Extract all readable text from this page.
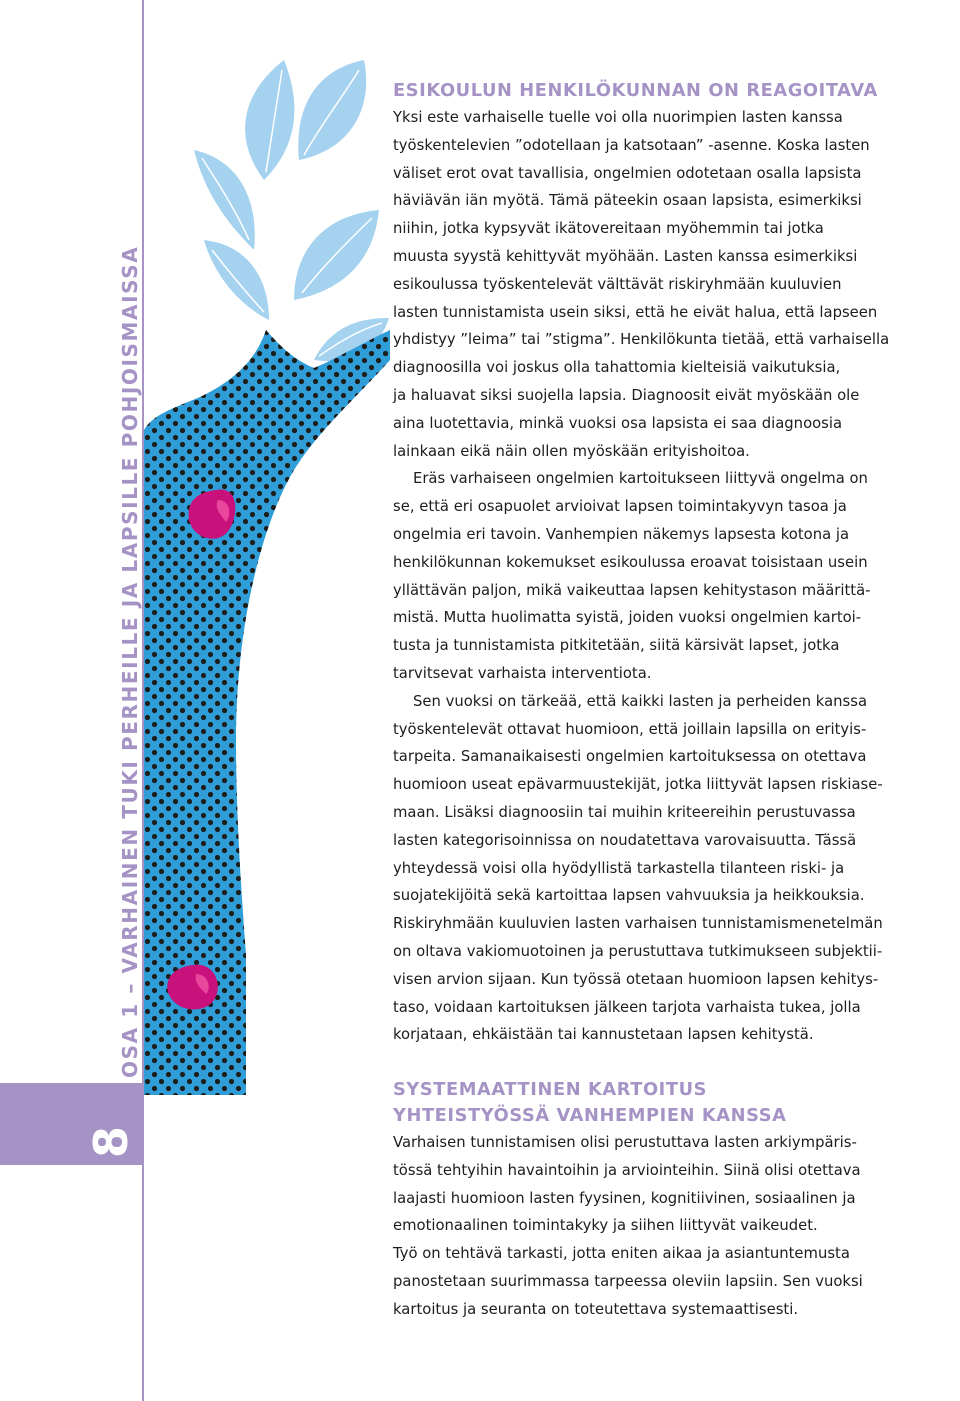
OSA 1 – VARHAINEN TUKI PERHEILLE JA LAPSILLE POHJOISMAISSA
8
ESIKOULUN HENKILÖKUNNAN ON REAGOITAVA

Yksi este varhaiselle tuelle voi olla nuorimpien lasten kanssa
työskentelevien ”odotellaan ja katsotaan” -asenne. Koska lasten
väliset erot ovat tavallisia, ongelmien odotetaan osalla lapsista
häviävän iän myötä. Tämä päteekin osaan lapsista, esimerkiksi
niihin, jotka kypsyvät ikätovereitaan myöhemmin tai jotka
muusta syystä kehittyvät myöhään. Lasten kanssa esimerkiksi
esikoulussa työskentelevät välttävät riskiryhmään kuuluvien
lasten tunnistamista usein siksi, että he eivät halua, että lapseen
yhdistyy ”leima” tai ”stigma”. Henkilökunta tietää, että varhaisella
diagnoosilla voi joskus olla tahattomia kielteisiä vaikutuksia,
ja haluavat siksi suojella lapsia. Diagnoosit eivät myöskään ole
aina luotettavia, minkä vuoksi osa lapsista ei saa diagnoosia
lainkaan eikä näin ollen myöskään erityishoitoa.

Eräs varhaiseen ongelmien kartoitukseen liittyvä ongelma on
se, että eri osapuolet arvioivat lapsen toimintakyvyn tasoa ja
ongelmia eri tavoin. Vanhempien näkemys lapsesta kotona ja
henkilökunnan kokemukset esikoulussa eroavat toisistaan usein
yllättävän paljon, mikä vaikeuttaa lapsen kehitystason määrittä-
mistä. Mutta huolimatta syistä, joiden vuoksi ongelmien kartoi-
tusta ja tunnistamista pitkitetään, siitä kärsivät lapset, jotka
tarvitsevat varhaista interventiota.

Sen vuoksi on tärkeää, että kaikki lasten ja perheiden kanssa
työskentelevät ottavat huomioon, että joillain lapsilla on erityis-
tarpeita. Samanaikaisesti ongelmien kartoituksessa on otettava
huomioon useat epävarmuustekijät, jotka liittyvät lapsen riskiase-
maan. Lisäksi diagnoosiin tai muihin kriteereihin perustuvassa
lasten kategorisoinnissa on noudatettava varovaisuutta. Tässä
yhteydessä voisi olla hyödyllistä tarkastella tilanteen riski- ja
suojatekijöitä sekä kartoittaa lapsen vahvuuksia ja heikkouksia.
Riskiryhmään kuuluvien lasten varhaisen tunnistamismenetelmän
on oltava vakiomuotoinen ja perustuttava tutkimukseen subjektii-
visen arvion sijaan. Kun työssä otetaan huomioon lapsen kehitys-
taso, voidaan kartoituksen jälkeen tarjota varhaista tukea, jolla
korjataan, ehkäistään tai kannustetaan lapsen kehitystä.

SYSTEMAATTINEN KARTOITUS
YHTEISTYÖSSÄ VANHEMPIEN KANSSA

Varhaisen tunnistamisen olisi perustuttava lasten arkiympäris-
tössä tehtyihin havaintoihin ja arviointeihin. Siinä olisi otettava
laajasti huomioon lasten fyysinen, kognitiivinen, sosiaalinen ja
emotionaalinen toimintakyky ja siihen liittyvät vaikeudet.
Työ on tehtävä tarkasti, jotta eniten aikaa ja asiantuntemusta
panostetaan suurimmassa tarpeessa oleviin lapsiin. Sen vuoksi
kartoitus ja seuranta on toteutettava systemaattisesti.
